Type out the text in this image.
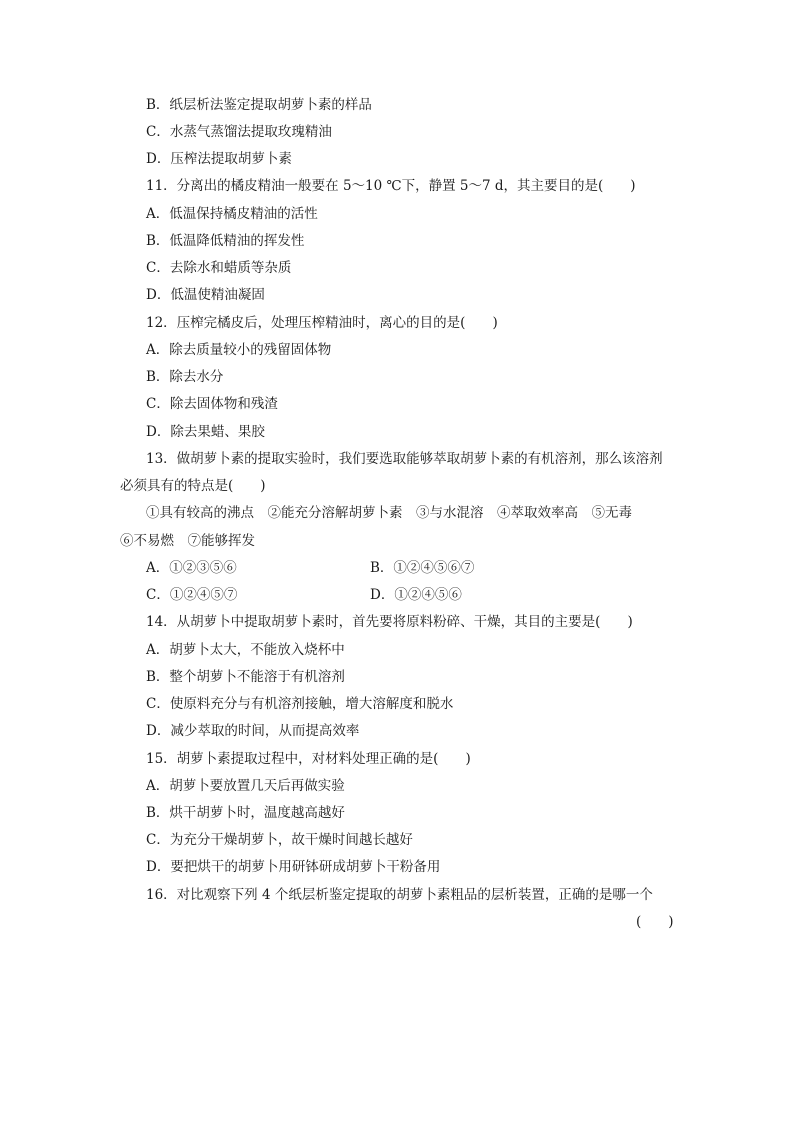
B．纸层析法鉴定提取胡萝卜素的样品
C．水蒸气蒸馏法提取玫瑰精油
D．压榨法提取胡萝卜素
11．分离出的橘皮精油一般要在 5～10 ℃下，静置 5～7 d，其主要目的是(　　)
A．低温保持橘皮精油的活性
B．低温降低精油的挥发性
C．去除水和蜡质等杂质
D．低温使精油凝固
12．压榨完橘皮后，处理压榨精油时，离心的目的是(　　)
A．除去质量较小的残留固体物
B．除去水分
C．除去固体物和残渣
D．除去果蜡、果胶
13．做胡萝卜素的提取实验时，我们要选取能够萃取胡萝卜素的有机溶剂，那么该溶剂
必须具有的特点是(　　)
①具有较高的沸点　②能充分溶解胡萝卜素　③与水混溶　④萃取效率高　⑤无毒
⑥不易燃　⑦能够挥发
A．①②③⑤⑥	B．①②④⑤⑥⑦
C．①②④⑤⑦	D．①②④⑤⑥
14．从胡萝卜中提取胡萝卜素时，首先要将原料粉碎、干燥，其目的主要是(　　)
A．胡萝卜太大，不能放入烧杯中
B．整个胡萝卜不能溶于有机溶剂
C．使原料充分与有机溶剂接触，增大溶解度和脱水
D．减少萃取的时间，从而提高效率
15．胡萝卜素提取过程中，对材料处理正确的是(　　)
A．胡萝卜要放置几天后再做实验
B．烘干胡萝卜时，温度越高越好
C．为充分干燥胡萝卜，故干燥时间越长越好
D．要把烘干的胡萝卜用研钵研成胡萝卜干粉备用
16．对比观察下列 4 个纸层析鉴定提取的胡萝卜素粗品的层析装置，正确的是哪一个
(　　)
